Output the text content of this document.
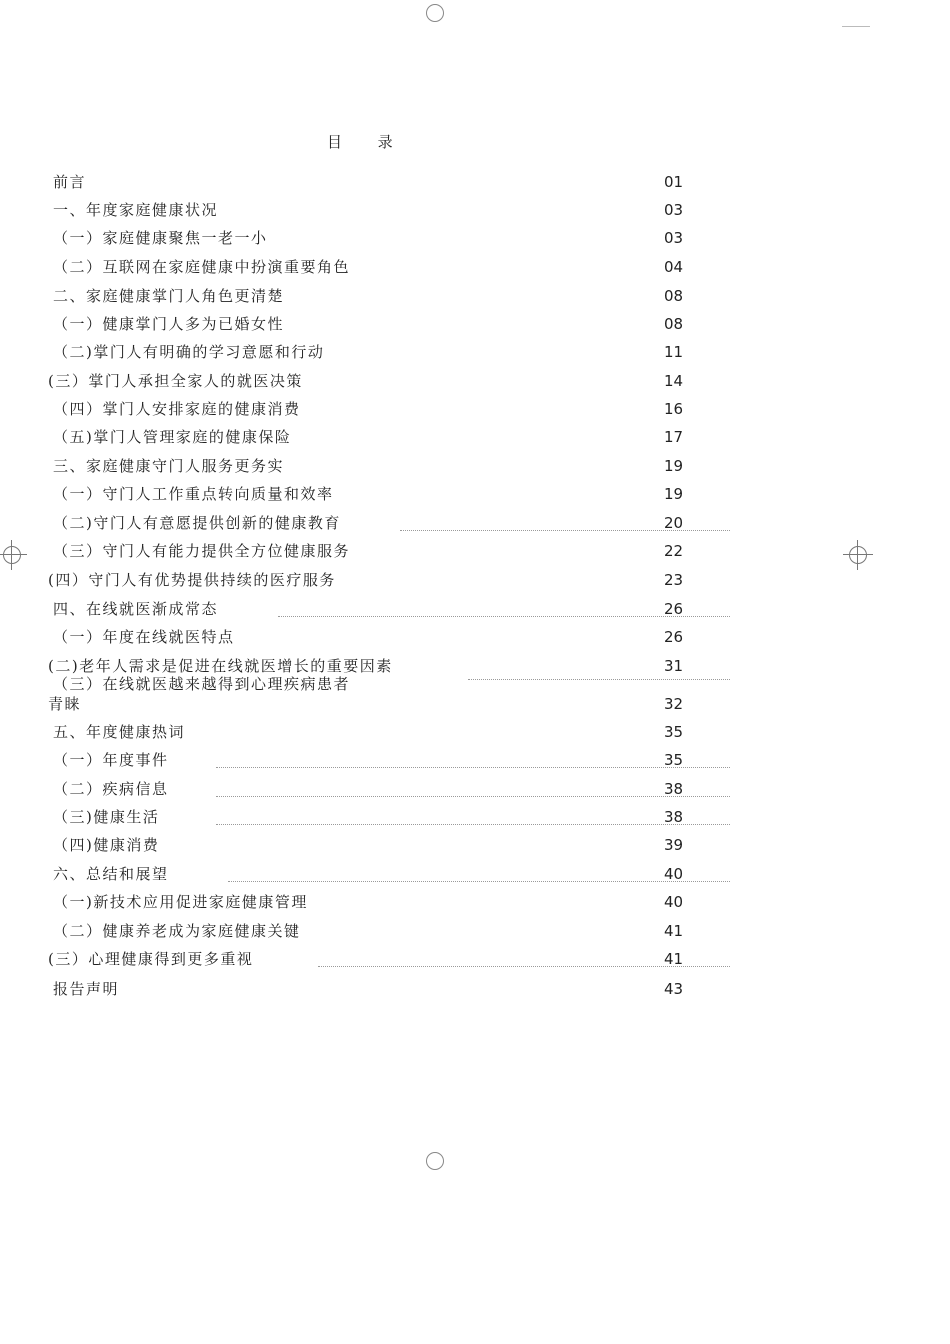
目      录
前言	01
一、年度家庭健康状况	03
（一）家庭健康聚焦一老一小	03
（二）互联网在家庭健康中扮演重要角色	04
二、家庭健康掌门人角色更清楚	08
（一）健康掌门人多为已婚女性	08
（二)掌门人有明确的学习意愿和行动	11
(三）掌门人承担全家人的就医决策	14
（四）掌门人安排家庭的健康消费	16
（五)掌门人管理家庭的健康保险	17
三、家庭健康守门人服务更务实	19
（一）守门人工作重点转向质量和效率	19
（二)守门人有意愿提供创新的健康教育	20
（三）守门人有能力提供全方位健康服务	22
(四）守门人有优势提供持续的医疗服务	23
四、在线就医渐成常态	26
（一）年度在线就医特点	26
(二)老年人需求是促进在线就医增长的重要因素	31
（三）在线就医越来越得到心理疾病患者
青睐	32
五、年度健康热词	35
（一）年度事件	35
（二）疾病信息	38
（三)健康生活	38
（四)健康消费	39
六、总结和展望	40
（一)新技术应用促进家庭健康管理	40
（二）健康养老成为家庭健康关键	41
(三）心理健康得到更多重视	41
报告声明	43
